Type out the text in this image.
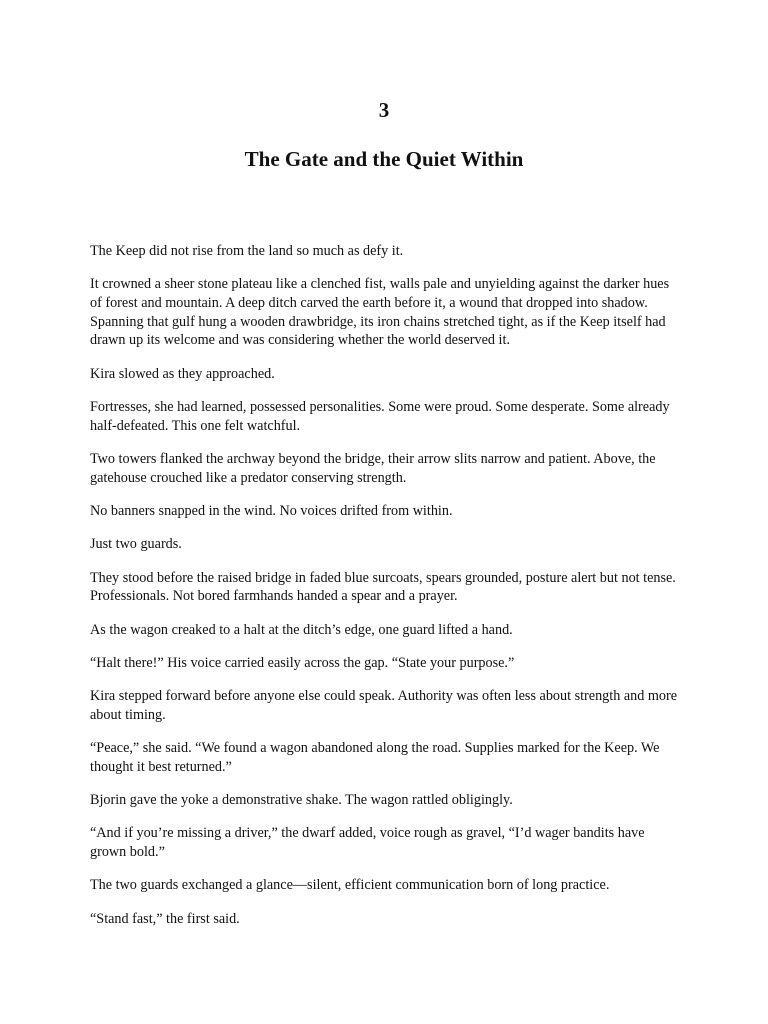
3
The Gate and the Quiet Within

The Keep did not rise from the land so much as defy it.

It crowned a sheer stone plateau like a clenched fist, walls pale and unyielding against the darker hues of forest and mountain. A deep ditch carved the earth before it, a wound that dropped into shadow. Spanning that gulf hung a wooden drawbridge, its iron chains stretched tight, as if the Keep itself had drawn up its welcome and was considering whether the world deserved it.

Kira slowed as they approached.

Fortresses, she had learned, possessed personalities. Some were proud. Some desperate. Some already half-defeated. This one felt watchful.

Two towers flanked the archway beyond the bridge, their arrow slits narrow and patient. Above, the gatehouse crouched like a predator conserving strength.

No banners snapped in the wind. No voices drifted from within.

Just two guards.

They stood before the raised bridge in faded blue surcoats, spears grounded, posture alert but not tense. Professionals. Not bored farmhands handed a spear and a prayer.

As the wagon creaked to a halt at the ditch’s edge, one guard lifted a hand.

“Halt there!” His voice carried easily across the gap. “State your purpose.”

Kira stepped forward before anyone else could speak. Authority was often less about strength and more about timing.

“Peace,” she said. “We found a wagon abandoned along the road. Supplies marked for the Keep. We thought it best returned.”

Bjorin gave the yoke a demonstrative shake. The wagon rattled obligingly.

“And if you’re missing a driver,” the dwarf added, voice rough as gravel, “I’d wager bandits have grown bold.”

The two guards exchanged a glance—silent, efficient communication born of long practice.

“Stand fast,” the first said.
